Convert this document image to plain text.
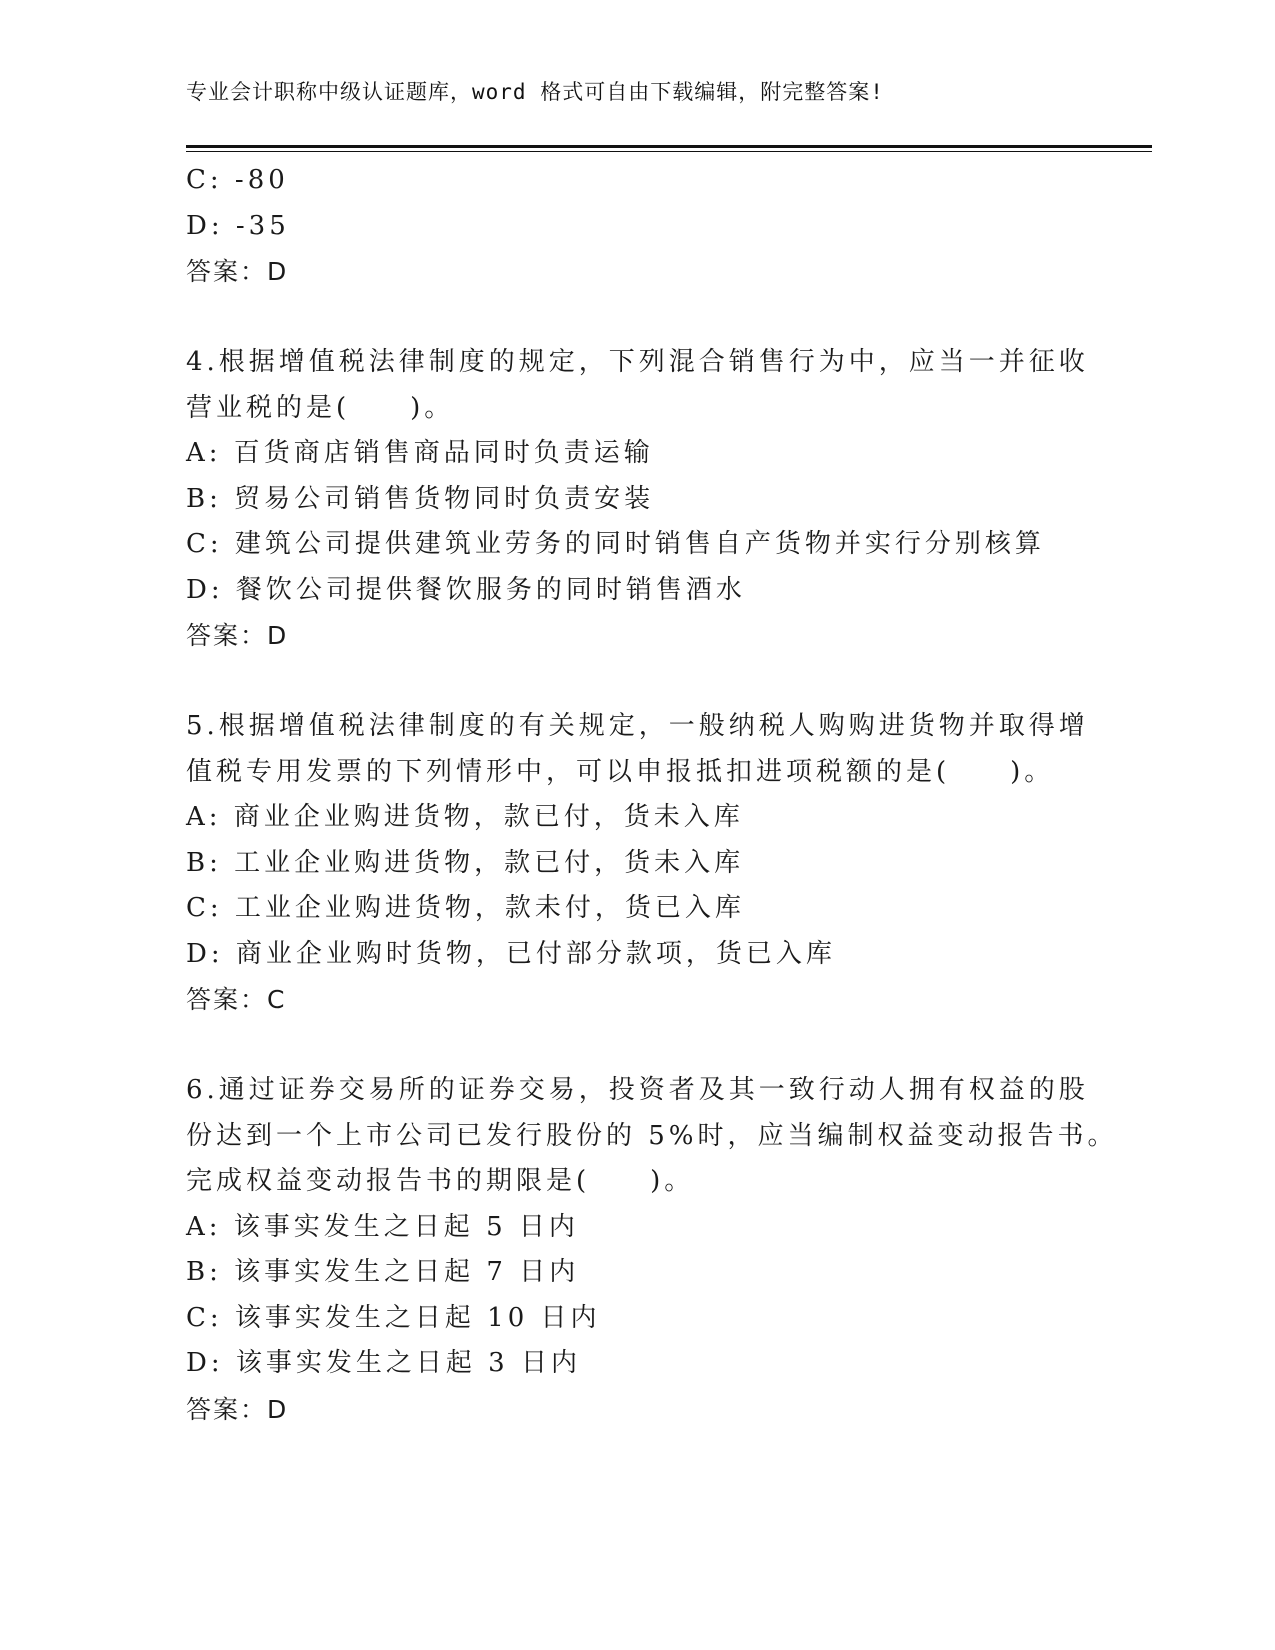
专业会计职称中级认证题库，word 格式可自由下载编辑，附完整答案!
C: -80
D: -35
答案：D
4.根据增值税法律制度的规定，下列混合销售行为中，应当一并征收
营业税的是(　　)。
A: 百货商店销售商品同时负责运输
B: 贸易公司销售货物同时负责安装
C: 建筑公司提供建筑业劳务的同时销售自产货物并实行分别核算
D: 餐饮公司提供餐饮服务的同时销售酒水
答案：D
5.根据增值税法律制度的有关规定，一般纳税人购购进货物并取得增
值税专用发票的下列情形中，可以申报抵扣进项税额的是(　　)。
A: 商业企业购进货物，款已付，货未入库
B: 工业企业购进货物，款已付，货未入库
C: 工业企业购进货物，款未付，货已入库
D: 商业企业购时货物，已付部分款项，货已入库
答案：C
6.通过证券交易所的证券交易，投资者及其一致行动人拥有权益的股
份达到一个上市公司已发行股份的 5%时，应当编制权益变动报告书。
完成权益变动报告书的期限是(　　)。
A: 该事实发生之日起 5 日内
B: 该事实发生之日起 7 日内
C: 该事实发生之日起 10 日内
D: 该事实发生之日起 3 日内
答案：D
